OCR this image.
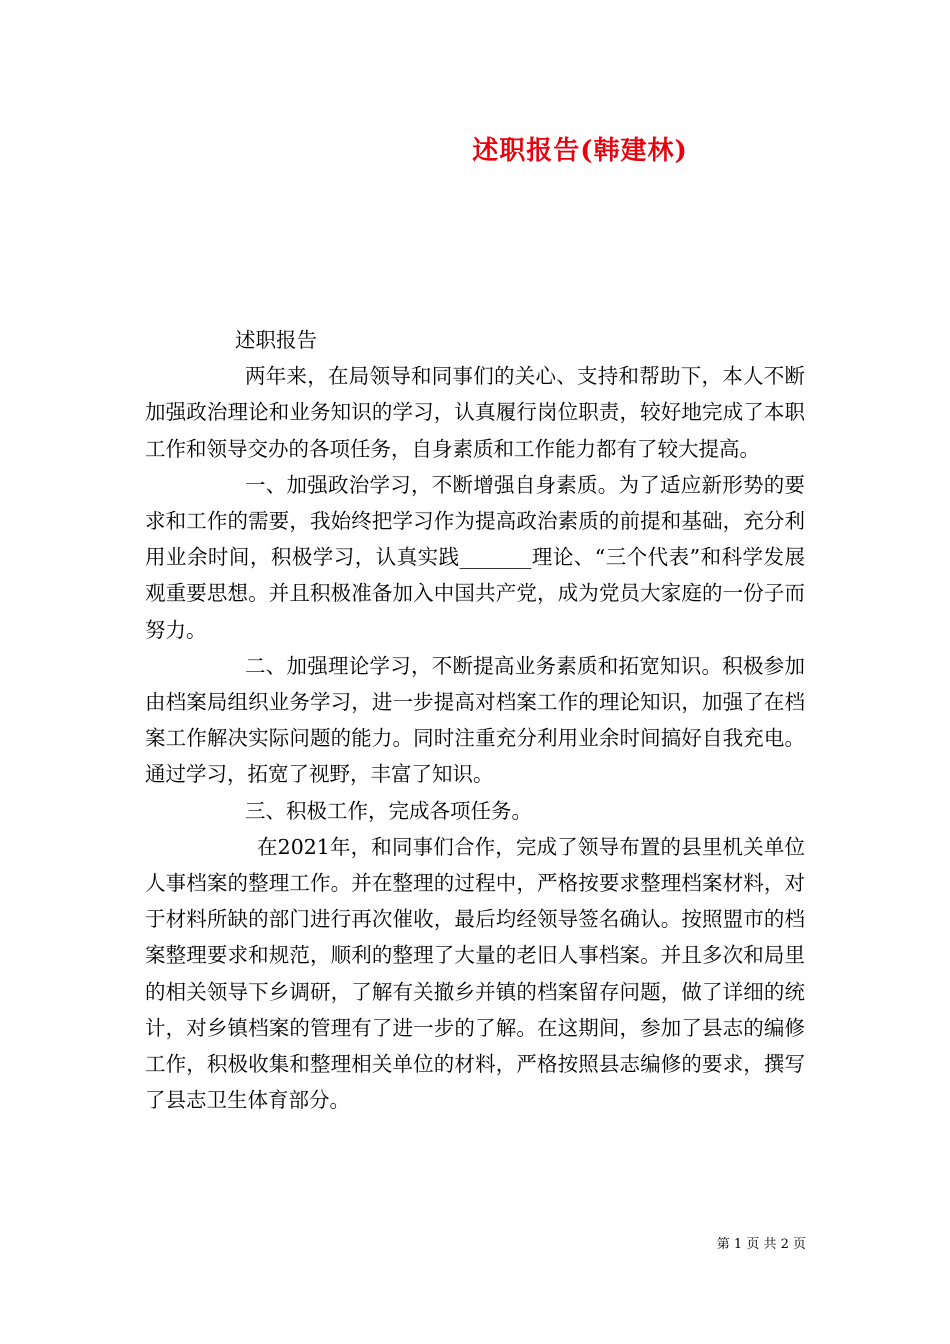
述职报告(韩建林)

述职报告

两年来，在局领导和同事们的关心、支持和帮助下，本人不断加强政治理论和业务知识的学习，认真履行岗位职责，较好地完成了本职工作和领导交办的各项任务，自身素质和工作能力都有了较大提高。

一、加强政治学习，不断增强自身素质。为了适应新形势的要求和工作的需要，我始终把学习作为提高政治素质的前提和基础，充分利用业余时间，积极学习，认真实践_______理论、“三个代表”和科学发展观重要思想。并且积极准备加入中国共产党，成为党员大家庭的一份子而努力。

二、加强理论学习，不断提高业务素质和拓宽知识。积极参加由档案局组织业务学习，进一步提高对档案工作的理论知识，加强了在档案工作解决实际问题的能力。同时注重充分利用业余时间搞好自我充电。通过学习，拓宽了视野，丰富了知识。

三、积极工作，完成各项任务。

在2021年，和同事们合作，完成了领导布置的县里机关单位人事档案的整理工作。并在整理的过程中，严格按要求整理档案材料，对于材料所缺的部门进行再次催收，最后均经领导签名确认。按照盟市的档案整理要求和规范，顺利的整理了大量的老旧人事档案。并且多次和局里的相关领导下乡调研，了解有关撤乡并镇的档案留存问题，做了详细的统计，对乡镇档案的管理有了进一步的了解。在这期间，参加了县志的编修工作，积极收集和整理相关单位的材料，严格按照县志编修的要求，撰写了县志卫生体育部分。

第 1 页 共 2 页
